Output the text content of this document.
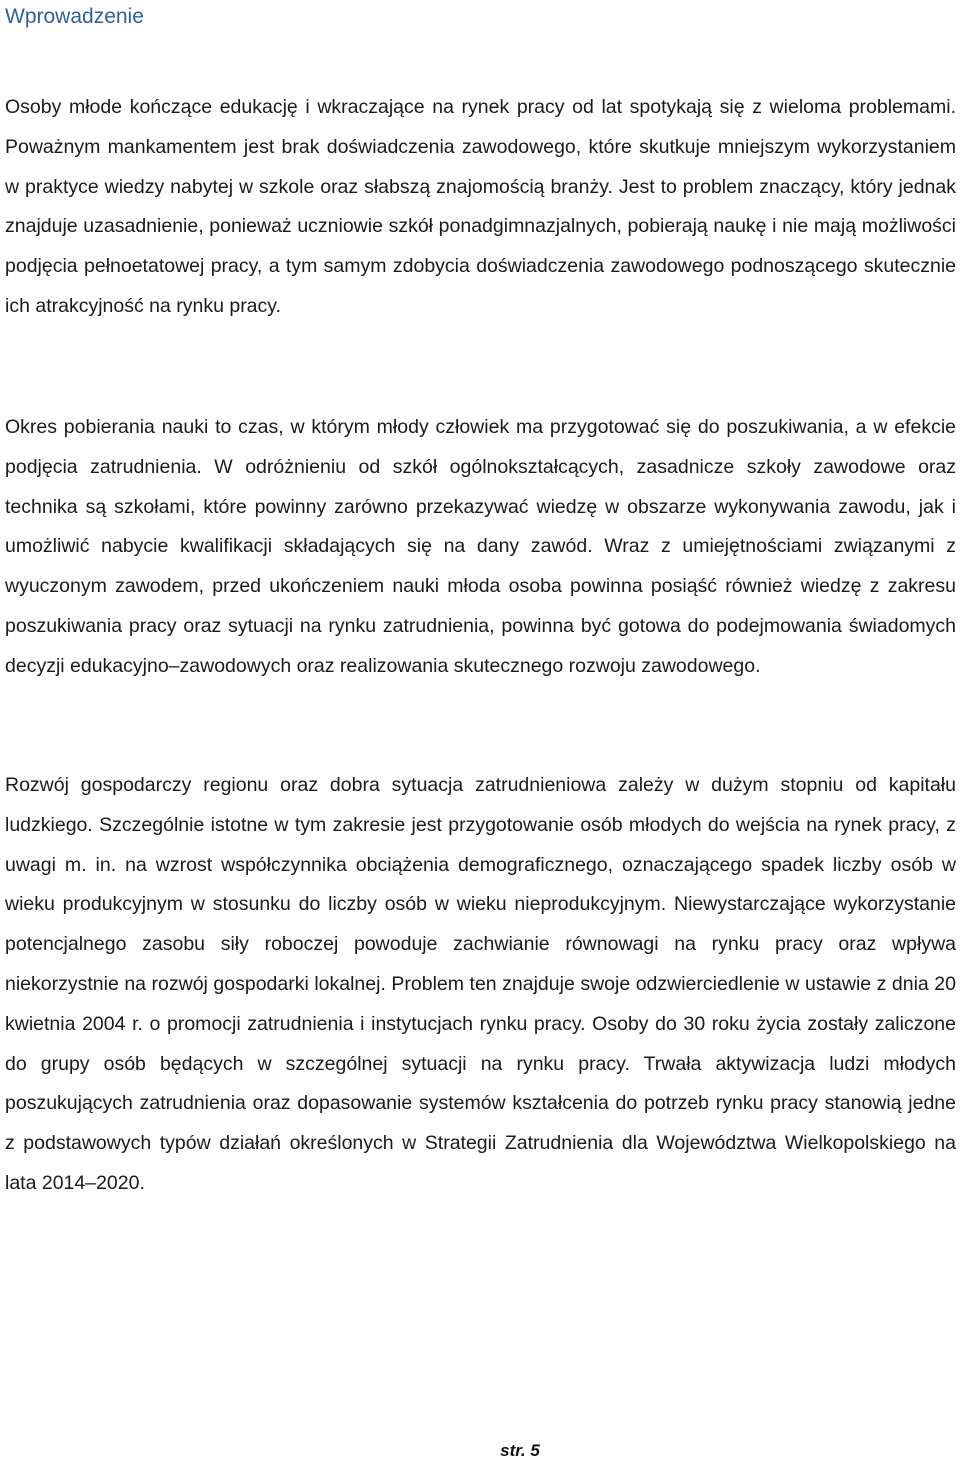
Wprowadzenie

Osoby młode kończące edukację i wkraczające na rynek pracy od lat spotykają się z wieloma problemami. Poważnym mankamentem jest brak doświadczenia zawodowego, które skutkuje mniejszym wykorzystaniem w praktyce wiedzy nabytej w szkole oraz słabszą znajomością branży. Jest to problem znaczący, który jednak znajduje uzasadnienie, ponieważ uczniowie szkół ponadgimnazjalnych, pobierają naukę i nie mają możliwości podjęcia pełnoetatowej pracy, a tym samym zdobycia doświadczenia zawodowego podnoszącego skutecznie ich atrakcyjność na rynku pracy.

Okres pobierania nauki to czas, w którym młody człowiek ma przygotować się do poszukiwania, a w efekcie podjęcia zatrudnienia. W odróżnieniu od szkół ogólnokształcących, zasadnicze szkoły zawodowe oraz technika są szkołami, które powinny zarówno przekazywać wiedzę w obszarze wykonywania zawodu, jak i umożliwić nabycie kwalifikacji składających się na dany zawód. Wraz z umiejętnościami związanymi z wyuczonym zawodem, przed ukończeniem nauki młoda osoba powinna posiąść również wiedzę z zakresu poszukiwania pracy oraz sytuacji na rynku zatrudnienia, powinna być gotowa do podejmowania świadomych decyzji edukacyjno–zawodowych oraz realizowania skutecznego rozwoju zawodowego.

Rozwój gospodarczy regionu oraz dobra sytuacja zatrudnieniowa zależy w dużym stopniu od kapitału ludzkiego. Szczególnie istotne w tym zakresie jest przygotowanie osób młodych do wejścia na rynek pracy, z uwagi m. in. na wzrost współczynnika obciążenia demograficznego, oznaczającego spadek liczby osób w wieku produkcyjnym w stosunku do liczby osób w wieku nieprodukcyjnym. Niewystarczające wykorzystanie potencjalnego zasobu siły roboczej powoduje zachwianie równowagi na rynku pracy oraz wpływa niekorzystnie na rozwój gospodarki lokalnej. Problem ten znajduje swoje odzwierciedlenie w ustawie z dnia 20 kwietnia 2004 r. o promocji zatrudnienia i instytucjach rynku pracy. Osoby do 30 roku życia zostały zaliczone do grupy osób będących w szczególnej sytuacji na rynku pracy. Trwała aktywizacja ludzi młodych poszukujących zatrudnienia oraz dopasowanie systemów kształcenia do potrzeb rynku pracy stanowią jedne z podstawowych typów działań określonych w Strategii Zatrudnienia dla Województwa Wielkopolskiego na lata 2014–2020.

str. 5
